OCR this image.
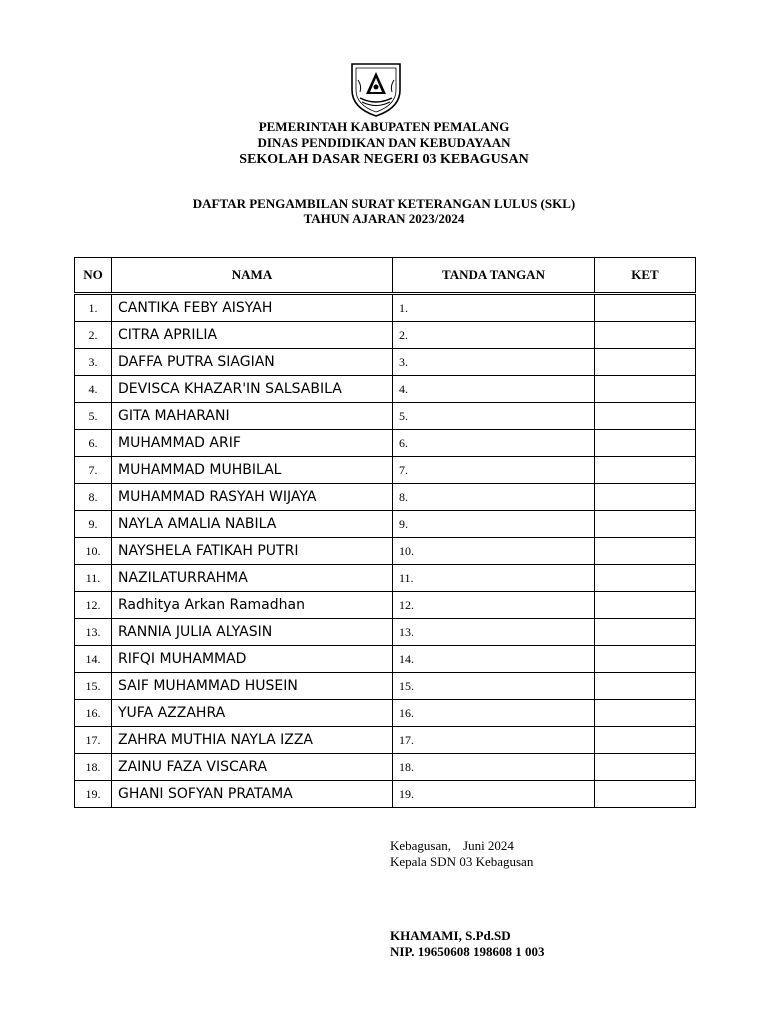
PEMERINTAH KABUPATEN PEMALANG
DINAS PENDIDIKAN DAN KEBUDAYAAN
SEKOLAH DASAR NEGERI 03 KEBAGUSAN
DAFTAR PENGAMBILAN SURAT KETERANGAN LULUS (SKL)
TAHUN AJARAN 2023/2024
NO	NAMA	TANDA TANGAN	KET
1.	CANTIKA FEBY AISYAH	1.	
2.	CITRA APRILIA	2.	
3.	DAFFA PUTRA SIAGIAN	3.	
4.	DEVISCA KHAZAR'IN SALSABILA	4.	
5.	GITA MAHARANI	5.	
6.	MUHAMMAD ARIF	6.	
7.	MUHAMMAD MUHBILAL	7.	
8.	MUHAMMAD RASYAH WIJAYA	8.	
9.	NAYLA AMALIA NABILA	9.	
10.	NAYSHELA FATIKAH PUTRI	10.	
11.	NAZILATURRAHMA	11.	
12.	Radhitya Arkan Ramadhan	12.	
13.	RANNIA JULIA ALYASIN	13.	
14.	RIFQI MUHAMMAD	14.	
15.	SAIF MUHAMMAD HUSEIN	15.	
16.	YUFA AZZAHRA	16.	
17.	ZAHRA MUTHIA NAYLA IZZA	17.	
18.	ZAINU FAZA VISCARA	18.	
19.	GHANI SOFYAN PRATAMA	19.	
Kebagusan, Juni 2024
Kepala SDN 03 Kebagusan
KHAMAMI, S.Pd.SD
NIP. 19650608 198608 1 003
